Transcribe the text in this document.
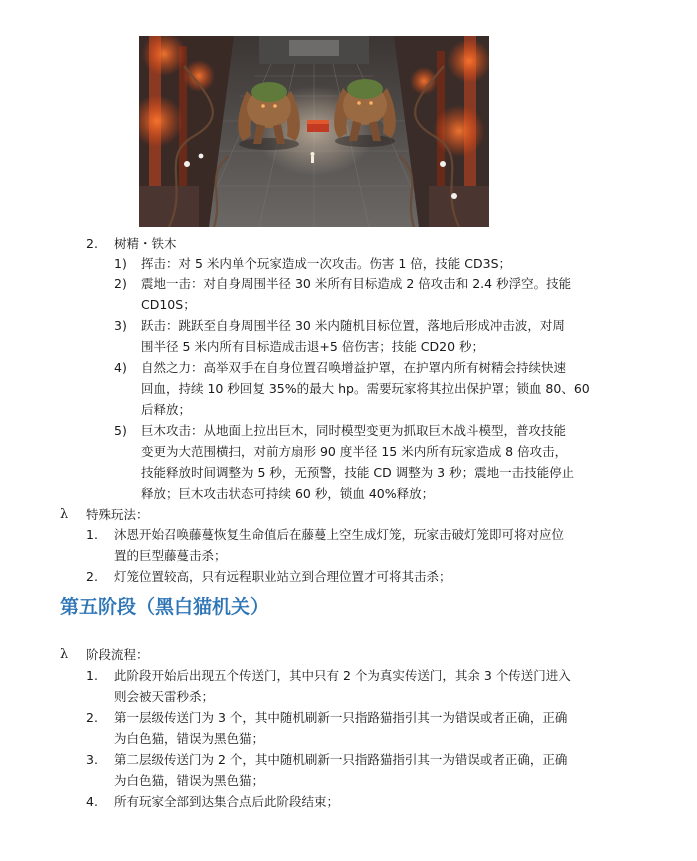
2. 树精・铁木
1) 挥击：对 5 米内单个玩家造成一次攻击。伤害 1 倍，技能 CD3S；
2) 震地一击：对自身周围半径 30 米所有目标造成 2 倍攻击和 2.4 秒浮空。技能
CD10S；
3) 跃击：跳跃至自身周围半径 30 米内随机目标位置，落地后形成冲击波，对周
围半径 5 米内所有目标造成击退+5 倍伤害；技能 CD20 秒；
4) 自然之力：高举双手在自身位置召唤增益护罩，在护罩内所有树精会持续快速
回血，持续 10 秒回复 35%的最大 hp。需要玩家将其拉出保护罩；锁血 80、60
后释放；
5) 巨木攻击：从地面上拉出巨木，同时模型变更为抓取巨木战斗模型，普攻技能
变更为大范围横扫，对前方扇形 90 度半径 15 米内所有玩家造成 8 倍攻击，
技能释放时间调整为 5 秒，无预警，技能 CD 调整为 3 秒；震地一击技能停止
释放；巨木攻击状态可持续 60 秒，锁血 40%释放；
λ 特殊玩法：
1. 沐恩开始召唤藤蔓恢复生命值后在藤蔓上空生成灯笼，玩家击破灯笼即可将对应位
置的巨型藤蔓击杀；
2. 灯笼位置较高，只有远程职业站立到合理位置才可将其击杀；
第五阶段（黑白猫机关）
λ 阶段流程：
1. 此阶段开始后出现五个传送门，其中只有 2 个为真实传送门，其余 3 个传送门进入
则会被天雷秒杀；
2. 第一层级传送门为 3 个，其中随机刷新一只指路猫指引其一为错误或者正确，正确
为白色猫，错误为黑色猫；
3. 第二层级传送门为 2 个，其中随机刷新一只指路猫指引其一为错误或者正确，正确
为白色猫，错误为黑色猫；
4. 所有玩家全部到达集合点后此阶段结束；
